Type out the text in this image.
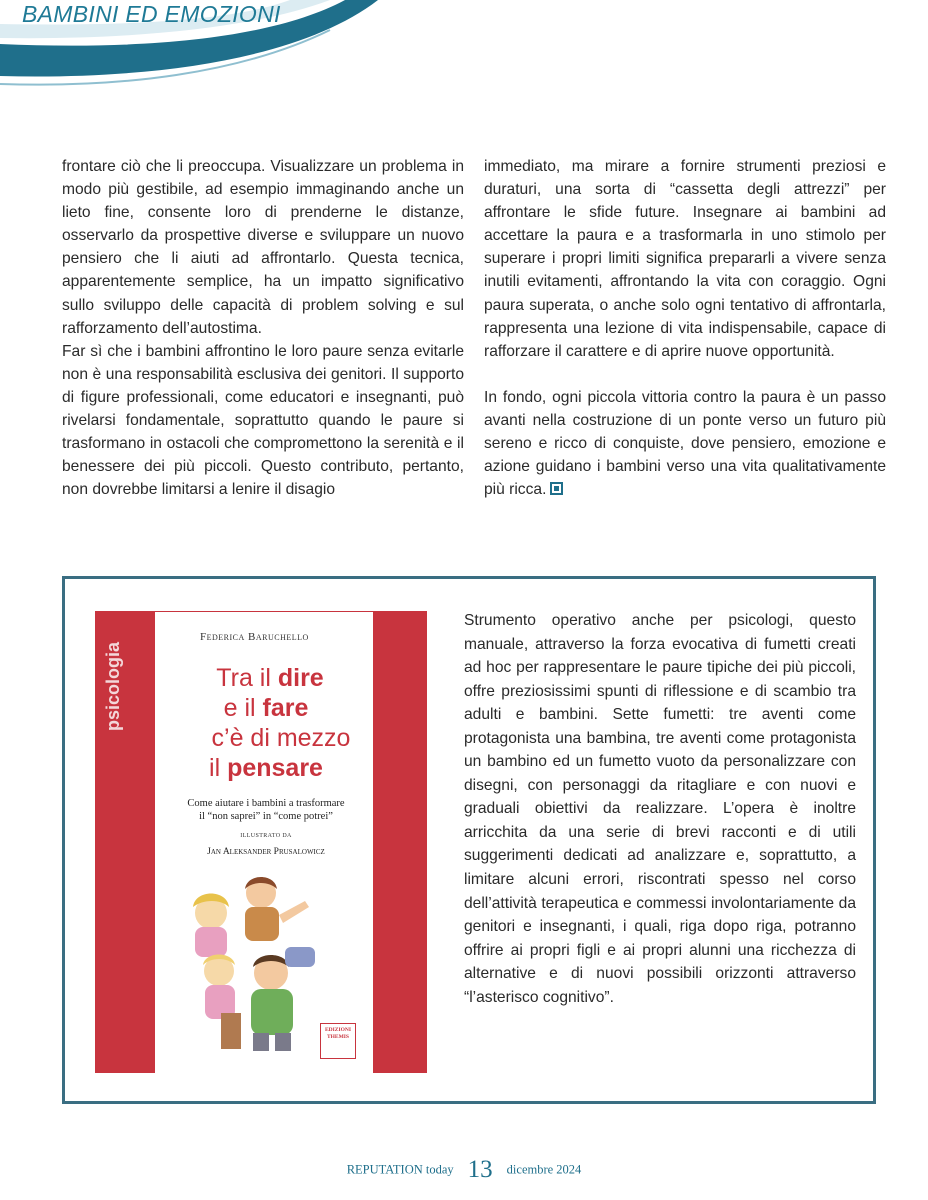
BAMBINI ED EMOZIONI

frontare ciò che li preoccupa. Visualizzare un problema in modo più gestibile, ad esempio immaginando anche un lieto fine, consente loro di prenderne le distanze, osservarlo da prospettive diverse e sviluppare un nuovo pensiero che li aiuti ad affrontarlo. Questa tecnica, apparentemente semplice, ha un impatto significativo sullo sviluppo delle capacità di problem solving e sul rafforzamento dell’autostima.

Far sì che i bambini affrontino le loro paure senza evitarle non è una responsabilità esclusiva dei genitori. Il supporto di figure professionali, come educatori e insegnanti, può rivelarsi fondamentale, soprattutto quando le paure si trasformano in ostacoli che compromettono la serenità e il benessere dei più piccoli. Questo contributo, pertanto, non dovrebbe limitarsi a lenire il disagio

immediato, ma mirare a fornire strumenti preziosi e duraturi, una sorta di “cassetta degli attrezzi” per affrontare le sfide future. Insegnare ai bambini ad accettare la paura e a trasformarla in uno stimolo per superare i propri limiti significa prepararli a vivere senza inutili evitamenti, affrontando la vita con coraggio. Ogni paura superata, o anche solo ogni tentativo di affrontarla, rappresenta una lezione di vita indispensabile, capace di rafforzare il carattere e di aprire nuove opportunità.

In fondo, ogni piccola vittoria contro la paura è un passo avanti nella costruzione di un ponte verso un futuro più sereno e ricco di conquiste, dove pensiero, emozione e azione guidano i bambini verso una vita qualitativamente più ricca.

psicologia
Federica Baruchello
Tra il dire
e il fare
c’è di mezzo
il pensare
Come aiutare i bambini a trasformare
il “non saprei” in “come potrei”
ILLUSTRATO DA
Jan Aleksander Prusalowicz
EDIZIONI
THEMIS
Strumento operativo anche per psicologi, questo manuale, attraverso la forza evocativa di fumetti creati ad hoc per rappresentare le paure tipiche dei più piccoli, offre preziosissimi spunti di riflessione e di scambio tra adulti e bambini. Sette fumetti: tre aventi come protagonista una bambina, tre aventi come protagonista un bambino ed un fumetto vuoto da personalizzare con disegni, con personaggi da ritagliare e con nuovi e graduali obiettivi da realizzare. L’opera è inoltre arricchita da una serie di brevi racconti e di utili suggerimenti dedicati ad analizzare e, soprattutto, a limitare alcuni errori, riscontrati spesso nel corso dell’attività terapeutica e commessi involontariamente da genitori e insegnanti, i quali, riga dopo riga, potranno offrire ai propri figli e ai propri alunni una ricchezza di alternative e di nuovi possibili orizzonti attraverso “l’asterisco cognitivo”.
REPUTATION today 13 dicembre 2024
